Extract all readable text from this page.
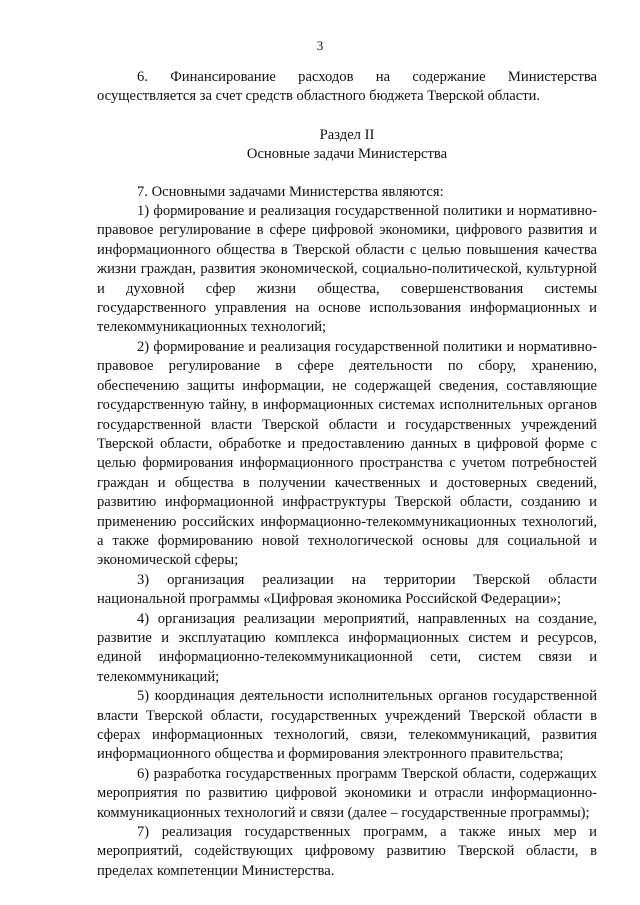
3

6. Финансирование расходов на содержание Министерства осуществляется за счет средств областного бюджета Тверской области.

Раздел II

Основные задачи Министерства

7. Основными задачами Министерства являются:

1) формирование и реализация государственной политики и нормативно-правовое регулирование в сфере цифровой экономики, цифрового развития и информационного общества в Тверской области с целью повышения качества жизни граждан, развития экономической, социально-политической, культурной и духовной сфер жизни общества, совершенствования системы государственного управления на основе использования информационных и телекоммуникационных технологий;

2) формирование и реализация государственной политики и нормативно-правовое регулирование в сфере деятельности по сбору, хранению, обеспечению защиты информации, не содержащей сведения, составляющие государственную тайну, в информационных системах исполнительных органов государственной власти Тверской области и государственных учреждений Тверской области, обработке и предоставлению данных в цифровой форме с целью формирования информационного пространства с учетом потребностей граждан и общества в получении качественных и достоверных сведений, развитию информационной инфраструктуры Тверской области, созданию и применению российских информационно-телекоммуникационных технологий, а также формированию новой технологической основы для социальной и экономической сферы;

3) организация реализации на территории Тверской области национальной программы «Цифровая экономика Российской Федерации»;

4) организация реализации мероприятий, направленных на создание, развитие и эксплуатацию комплекса информационных систем и ресурсов, единой информационно-телекоммуникационной сети, систем связи и телекоммуникаций;

5) координация деятельности исполнительных органов государственной власти Тверской области, государственных учреждений Тверской области в сферах информационных технологий, связи, телекоммуникаций, развития информационного общества и формирования электронного правительства;

6) разработка государственных программ Тверской области, содержащих мероприятия по развитию цифровой экономики и отрасли информационно-коммуникационных технологий и связи (далее – государственные программы);

7) реализация государственных программ, а также иных мер и мероприятий, содействующих цифровому развитию Тверской области, в пределах компетенции Министерства.
